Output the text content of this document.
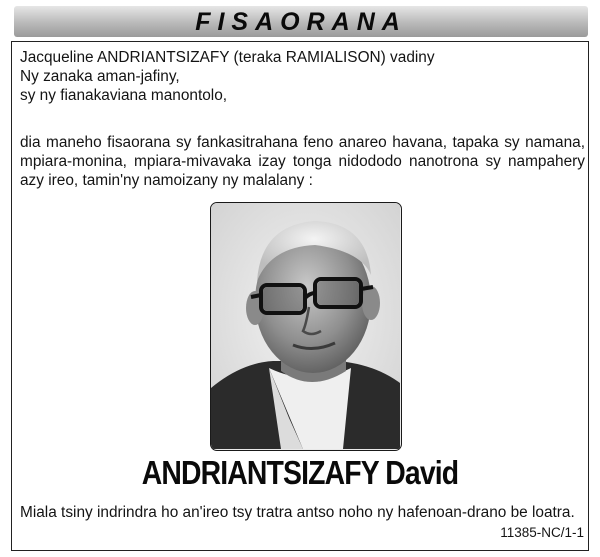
FISAORANA
Jacqueline ANDRIANTSIZAFY (teraka RAMIALISON) vadiny
Ny zanaka aman-jafiny,
sy ny fianakaviana manontolo,
dia maneho fisaorana sy fankasitrahana feno anareo havana, tapaka sy namana, mpiara-monina, mpiara-mivavaka izay tonga nidododo nanotrona sy nampahery azy ireo, tamin'ny namoizany ny malalany :
ANDRIANTSIZAFY David
Miala tsiny indrindra ho an'ireo tsy tratra antso noho ny hafenoan-drano be loatra.
11385-NC/1-1
